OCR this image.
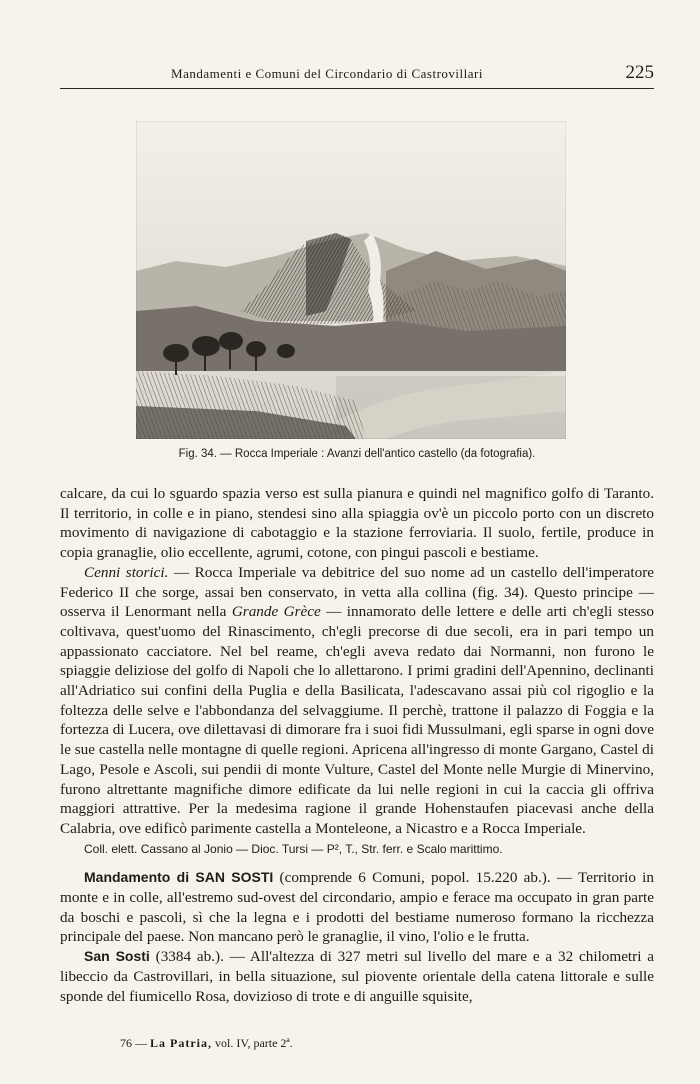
Mandamenti e Comuni del Circondario di Castrovillari	225
Fig. 34. — Rocca Imperiale : Avanzi dell'antico castello (da fotografia).

calcare, da cui lo sguardo spazia verso est sulla pianura e quindi nel magnifico golfo di Taranto. Il territorio, in colle e in piano, stendesi sino alla spiaggia ov'è un piccolo porto con un discreto movimento di navigazione di cabotaggio e la stazione ferroviaria. Il suolo, fertile, produce in copia granaglie, olio eccellente, agrumi, cotone, con pingui pascoli e bestiame.

Cenni storici. — Rocca Imperiale va debitrice del suo nome ad un castello dell'imperatore Federico II che sorge, assai ben conservato, in vetta alla collina (fig. 34). Questo principe — osserva il Lenormant nella Grande Grèce — innamorato delle lettere e delle arti ch'egli stesso coltivava, quest'uomo del Rinascimento, ch'egli precorse di due secoli, era in pari tempo un appassionato cacciatore. Nel bel reame, ch'egli aveva redato dai Normanni, non furono le spiaggie deliziose del golfo di Napoli che lo allettarono. I primi gradini dell'Apennino, declinanti all'Adriatico sui confini della Puglia e della Basilicata, l'adescavano assai più col rigoglio e la foltezza delle selve e l'abbondanza del selvaggiume. Il perchè, trattone il palazzo di Foggia e la fortezza di Lucera, ove dilettavasi di dimorare fra i suoi fidi Mussulmani, egli sparse in ogni dove le sue castella nelle montagne di quelle regioni. Apricena all'ingresso di monte Gargano, Castel di Lago, Pesole e Ascoli, sui pendii di monte Vulture, Castel del Monte nelle Murgie di Minervino, furono altrettante magnifiche dimore edificate da lui nelle regioni in cui la caccia gli offriva maggiori attrattive. Per la medesima ragione il grande Hohenstaufen piacevasi anche della Calabria, ove edificò parimente castella a Monteleone, a Nicastro e a Rocca Imperiale.

Coll. elett. Cassano al Jonio — Dioc. Tursi — P², T., Str. ferr. e Scalo marittimo.

Mandamento di SAN SOSTI (comprende 6 Comuni, popol. 15.220 ab.). — Territorio in monte e in colle, all'estremo sud-ovest del circondario, ampio e ferace ma occupato in gran parte da boschi e pascoli, sì che la legna e i prodotti del bestiame numeroso formano la ricchezza principale del paese. Non mancano però le granaglie, il vino, l'olio e le frutta.

San Sosti (3384 ab.). — All'altezza di 327 metri sul livello del mare e a 32 chilometri a libeccio da Castrovillari, in bella situazione, sul pioventе orientale della catena littorale e sulle sponde del fiumicello Rosa, dovizioso di trote e di anguille squisite,

76 — La Patria, vol. IV, parte 2ª.
